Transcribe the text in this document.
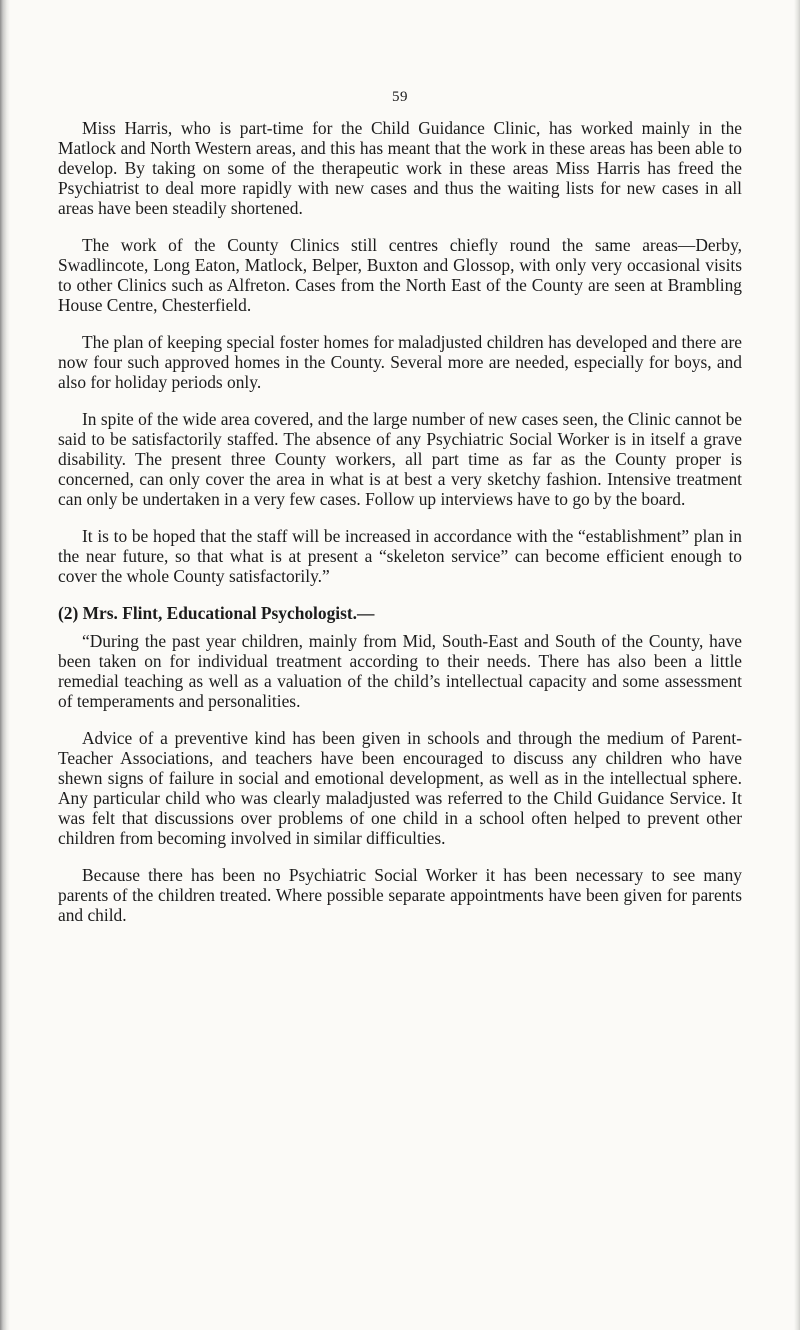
59

Miss Harris, who is part-time for the Child Guidance Clinic, has worked mainly in the Matlock and North Western areas, and this has meant that the work in these areas has been able to develop. By taking on some of the therapeutic work in these areas Miss Harris has freed the Psychiatrist to deal more rapidly with new cases and thus the waiting lists for new cases in all areas have been steadily shortened.

The work of the County Clinics still centres chiefly round the same areas—Derby, Swadlincote, Long Eaton, Matlock, Belper, Buxton and Glossop, with only very occasional visits to other Clinics such as Alfreton. Cases from the North East of the County are seen at Brambling House Centre, Chesterfield.

The plan of keeping special foster homes for maladjusted children has developed and there are now four such approved homes in the County. Several more are needed, especially for boys, and also for holiday periods only.

In spite of the wide area covered, and the large number of new cases seen, the Clinic cannot be said to be satisfactorily staffed. The absence of any Psychiatric Social Worker is in itself a grave disability. The present three County workers, all part time as far as the County proper is concerned, can only cover the area in what is at best a very sketchy fashion. Intensive treatment can only be undertaken in a very few cases. Follow up interviews have to go by the board.

It is to be hoped that the staff will be increased in accordance with the “establishment” plan in the near future, so that what is at present a “skeleton service” can become efficient enough to cover the whole County satisfactorily.”

(2) Mrs. Flint, Educational Psychologist.—

“During the past year children, mainly from Mid, South-East and South of the County, have been taken on for individual treatment according to their needs. There has also been a little remedial teaching as well as a valuation of the child’s intellectual capacity and some assessment of temperaments and personalities.

Advice of a preventive kind has been given in schools and through the medium of Parent-Teacher Associations, and teachers have been encouraged to discuss any children who have shewn signs of failure in social and emotional development, as well as in the intellectual sphere. Any particular child who was clearly maladjusted was referred to the Child Guidance Service. It was felt that discussions over problems of one child in a school often helped to prevent other children from becoming involved in similar difficulties.

Because there has been no Psychiatric Social Worker it has been necessary to see many parents of the children treated. Where possible separate appointments have been given for parents and child.
